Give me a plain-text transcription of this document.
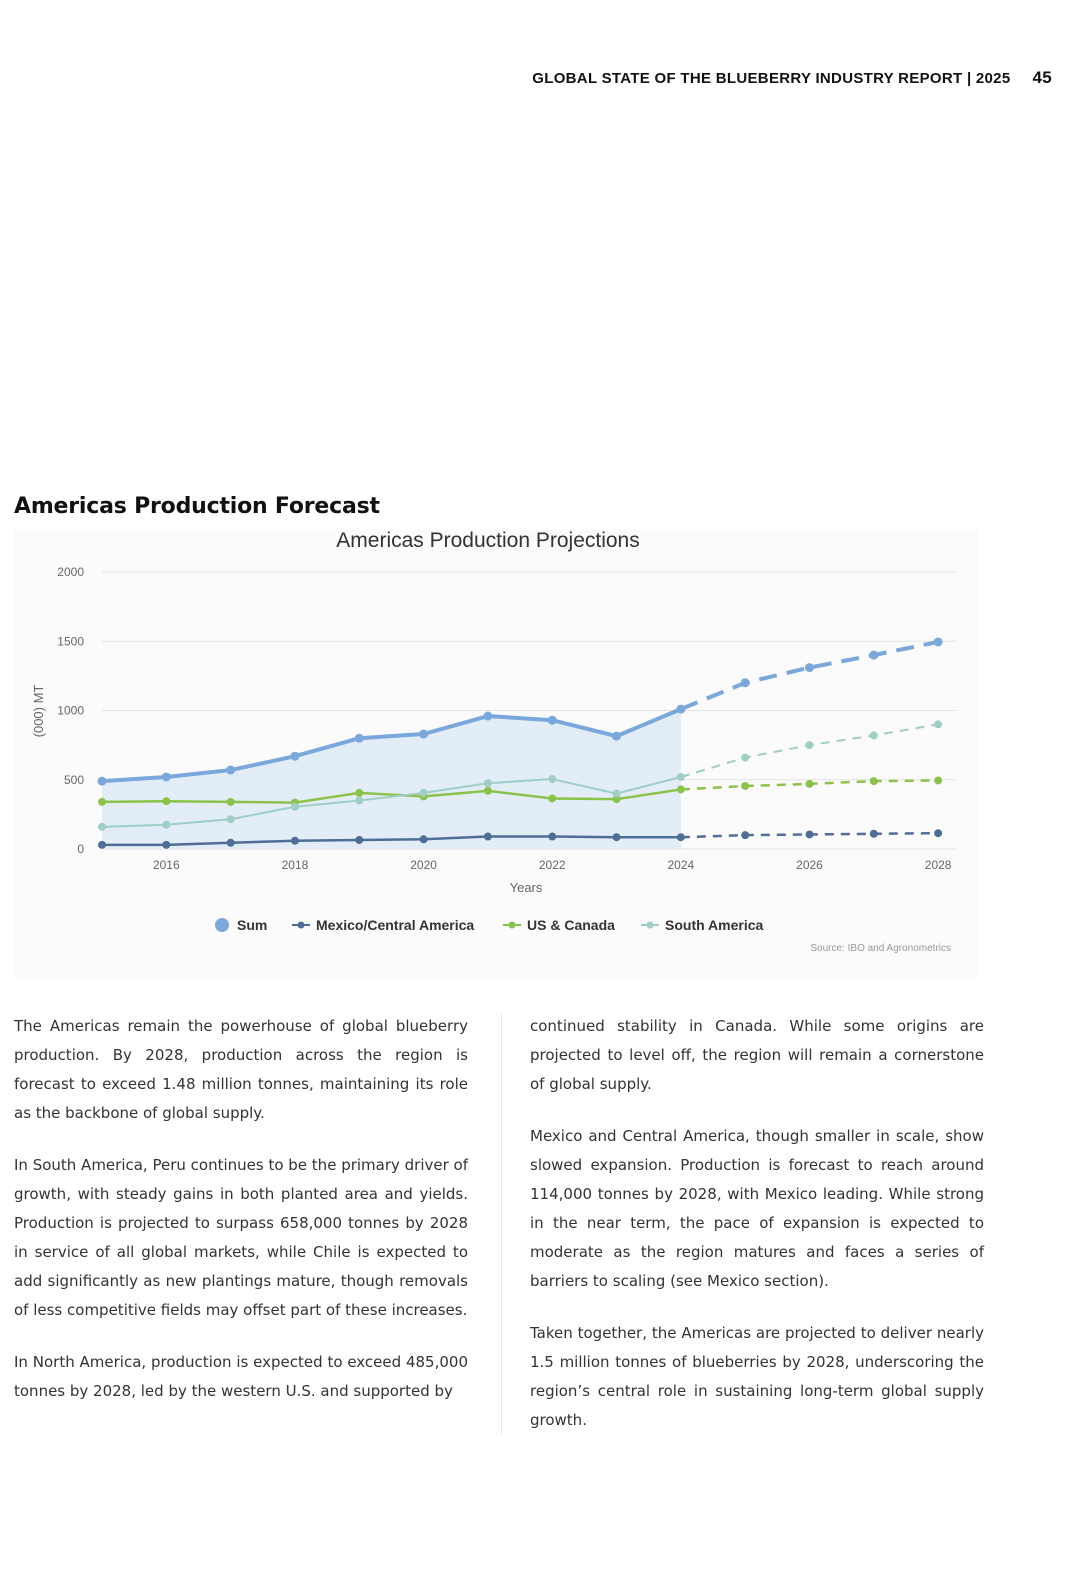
GLOBAL STATE OF THE BLUEBERRY INDUSTRY REPORT | 2025 45
Americas Production Forecast
Americas Production Projections
0
500
1000
1500
2000
2016	2018	2020	2022	2024	2026	2028
Years
(000) MT
Sum	Mexico/Central America	US & Canada	South America
Source: IBO and Agronometrics

The Americas remain the powerhouse of global blueberry production. By 2028, production across the region is forecast to exceed 1.48 million tonnes, maintaining its role as the backbone of global supply.

In South America, Peru continues to be the primary driver of growth, with steady gains in both planted area and yields. Production is projected to surpass 658,000 tonnes by 2028 in service of all global markets, while Chile is expected to add significantly as new plantings mature, though removals of less competitive fields may offset part of these increases.

In North America, production is expected to exceed 485,000 tonnes by 2028, led by the western U.S. and supported by

continued stability in Canada. While some origins are projected to level off, the region will remain a cornerstone of global supply.

Mexico and Central America, though smaller in scale, show slowed expansion. Production is forecast to reach around 114,000 tonnes by 2028, with Mexico leading. While strong in the near term, the pace of expansion is expected to moderate as the region matures and faces a series of barriers to scaling (see Mexico section).

Taken together, the Americas are projected to deliver nearly 1.5 million tonnes of blueberries by 2028, underscoring the region’s central role in sustaining long-term global supply growth.
